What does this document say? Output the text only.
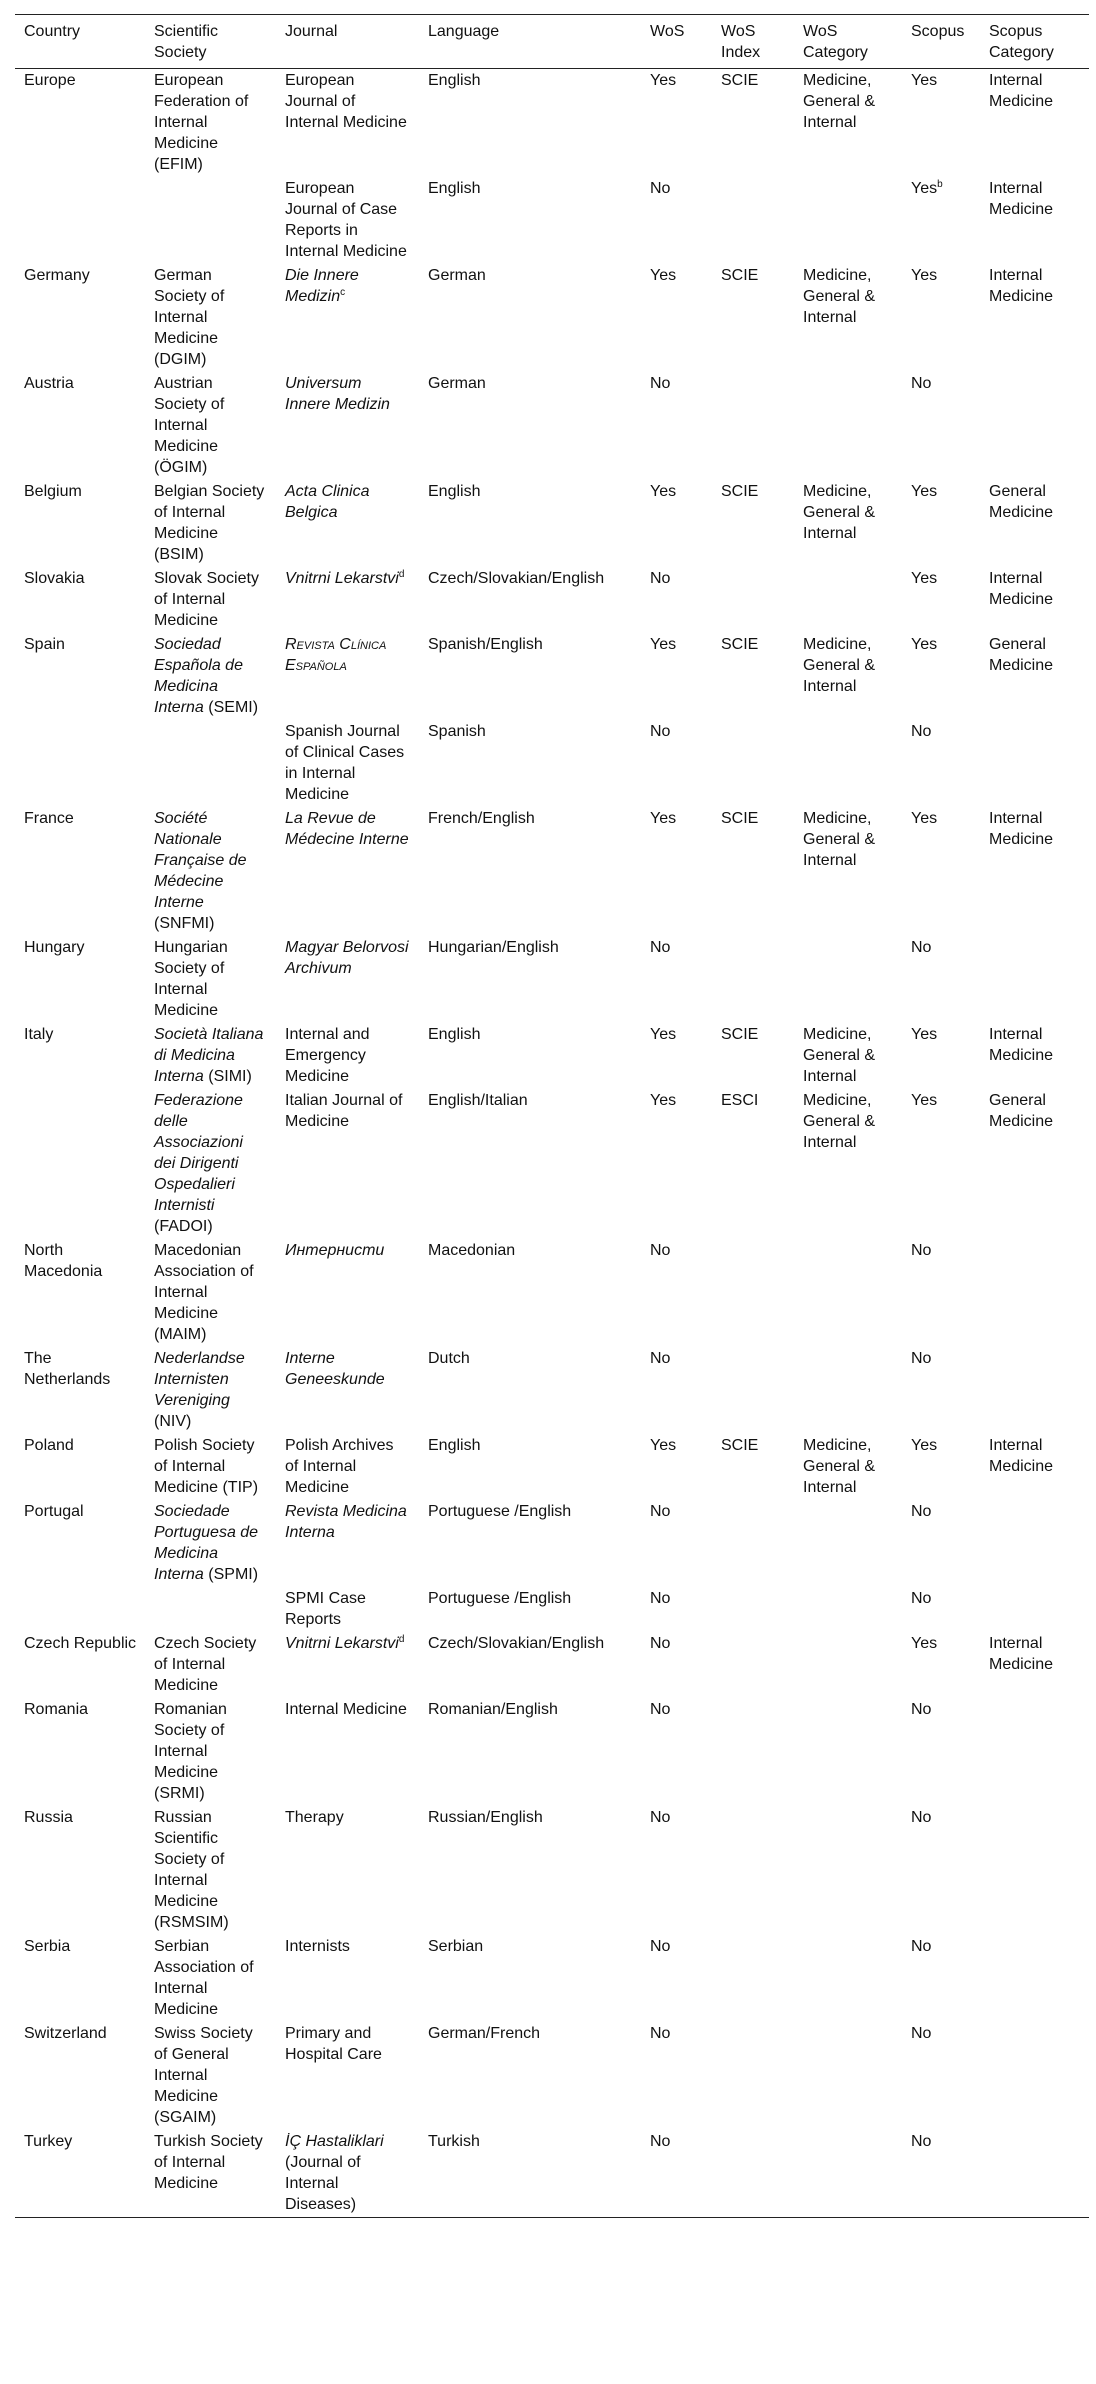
Country	Scientific Society	Journal	Language	WoS	WoS Index	WoS Category	Scopus	Scopus Category
Europe	European Federation of Internal Medicine (EFIM)	European Journal of Internal Medicine	English	Yes	SCIE	Medicine, General & Internal	Yes	Internal Medicine
		European Journal of Case Reports in Internal Medicine	English	No			Yes$^b$	Internal Medicine
Germany	German Society of Internal Medicine (DGIM)	Die Innere Medizin$^c$	German	Yes	SCIE	Medicine, General & Internal	Yes	Internal Medicine
Austria	Austrian Society of Internal Medicine (ÖGIM)	Universum Innere Medizin	German	No			No	
Belgium	Belgian Society of Internal Medicine (BSIM)	Acta Clinica Belgica	English	Yes	SCIE	Medicine, General & Internal	Yes	General Medicine
Slovakia	Slovak Society of Internal Medicine	Vnitrni Lekarstvi$^d$	Czech/Slovakian/English	No			Yes	Internal Medicine
Spain	Sociedad Española de Medicina Interna (SEMI)	Revista Clínica Española	Spanish/English	Yes	SCIE	Medicine, General & Internal	Yes	General Medicine
		Spanish Journal of Clinical Cases in Internal Medicine	Spanish	No			No	
France	Société Nationale Française de Médecine Interne (SNFMI)	La Revue de Médecine Interne	French/English	Yes	SCIE	Medicine, General & Internal	Yes	Internal Medicine
Hungary	Hungarian Society of Internal Medicine	Magyar Belorvosi Archivum	Hungarian/English	No			No	
Italy	Società Italiana di Medicina Interna (SIMI)	Internal and Emergency Medicine	English	Yes	SCIE	Medicine, General & Internal	Yes	Internal Medicine
	Federazione delle Associazioni dei Dirigenti Ospedalieri Internisti (FADOI)	Italian Journal of Medicine	English/Italian	Yes	ESCI	Medicine, General & Internal	Yes	General Medicine
North Macedonia	Macedonian Association of Internal Medicine (MAIM)	Интернисти	Macedonian	No			No	
The Netherlands	Nederlandse Internisten Vereniging (NIV)	Interne Geneeskunde	Dutch	No			No	
Poland	Polish Society of Internal Medicine (TIP)	Polish Archives of Internal Medicine	English	Yes	SCIE	Medicine, General & Internal	Yes	Internal Medicine
Portugal	Sociedade Portuguesa de Medicina Interna (SPMI)	Revista Medicina Interna	Portuguese /English	No			No	
		SPMI Case Reports	Portuguese /English	No			No	
Czech Republic	Czech Society of Internal Medicine	Vnitrni Lekarstvi$^d$	Czech/Slovakian/English	No			Yes	Internal Medicine
Romania	Romanian Society of Internal Medicine (SRMI)	Internal Medicine	Romanian/English	No			No	
Russia	Russian Scientific Society of Internal Medicine (RSMSIM)	Therapy	Russian/English	No			No	
Serbia	Serbian Association of Internal Medicine	Internists	Serbian	No			No	
Switzerland	Swiss Society of General Internal Medicine (SGAIM)	Primary and Hospital Care	German/French	No			No	
Turkey	Turkish Society of Internal Medicine	İÇ Hastaliklari (Journal of Internal Diseases)	Turkish	No			No	
